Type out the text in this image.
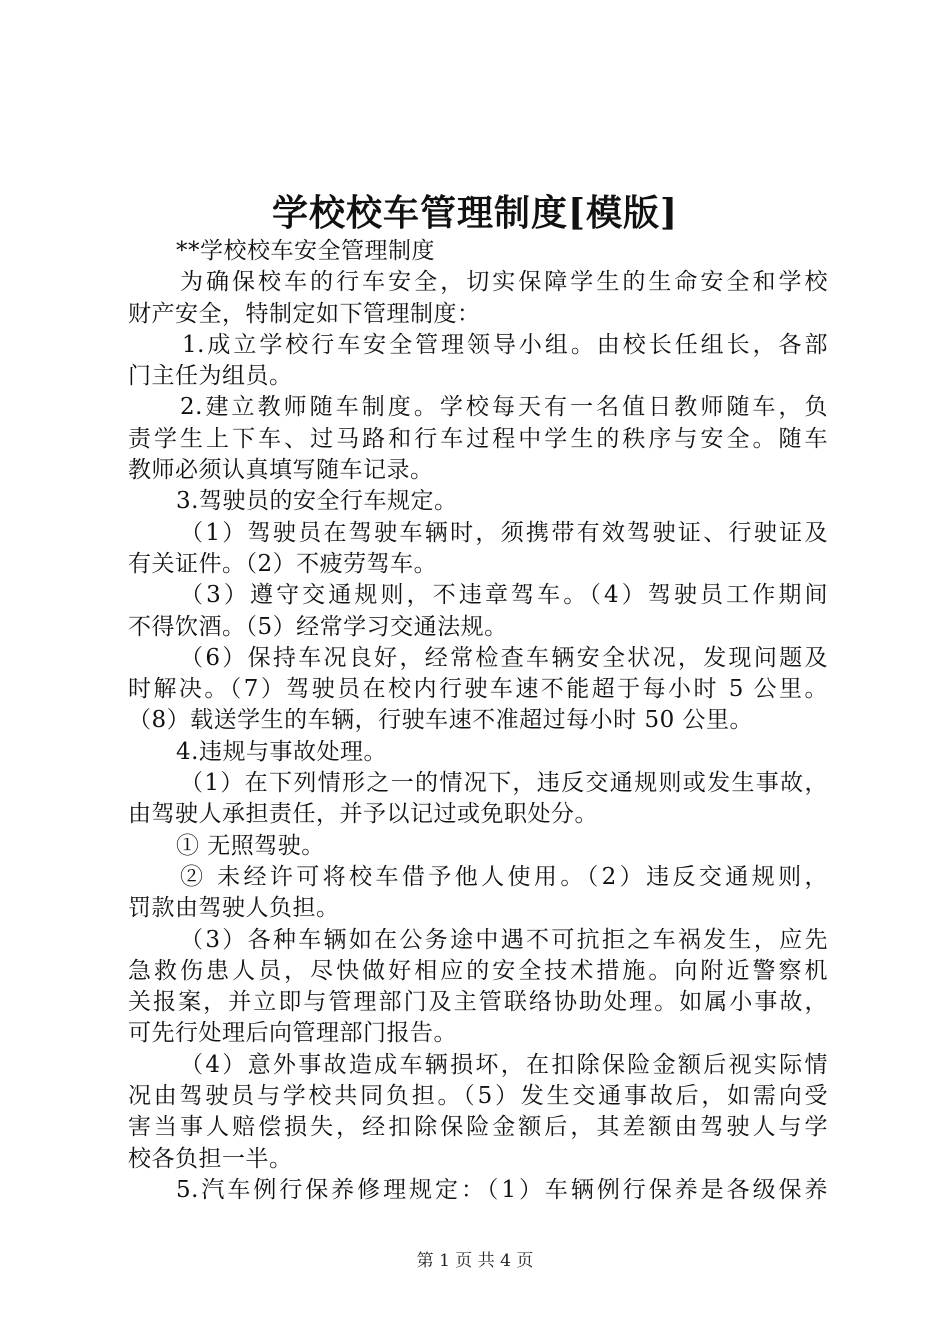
学校校车管理制度[模版]
**学校校车安全管理制度
为确保校车的行车安全，切实保障学生的生命安全和学校
财产安全，特制定如下管理制度：
1.成立学校行车安全管理领导小组。由校长任组长，各部
门主任为组员。
2.建立教师随车制度。学校每天有一名值日教师随车，负
责学生上下车、过马路和行车过程中学生的秩序与安全。随车
教师必须认真填写随车记录。
3.驾驶员的安全行车规定。
（1）驾驶员在驾驶车辆时，须携带有效驾驶证、行驶证及
有关证件。（2）不疲劳驾车。
（3）遵守交通规则，不违章驾车。（4）驾驶员工作期间
不得饮酒。（5）经常学习交通法规。
（6）保持车况良好，经常检查车辆安全状况，发现问题及
时解决。（7）驾驶员在校内行驶车速不能超于每小时 5 公里。
（8）载送学生的车辆，行驶车速不准超过每小时 50 公里。
4.违规与事故处理。
（1）在下列情形之一的情况下，违反交通规则或发生事故，
由驾驶人承担责任，并予以记过或免职处分。
① 无照驾驶。
② 未经许可将校车借予他人使用。（2）违反交通规则，
罚款由驾驶人负担。
（3）各种车辆如在公务途中遇不可抗拒之车祸发生，应先
急救伤患人员，尽快做好相应的安全技术措施。向附近警察机
关报案，并立即与管理部门及主管联络协助处理。如属小事故，
可先行处理后向管理部门报告。
（4）意外事故造成车辆损坏，在扣除保险金额后视实际情
况由驾驶员与学校共同负担。（5）发生交通事故后，如需向受
害当事人赔偿损失，经扣除保险金额后，其差额由驾驶人与学
校各负担一半。
5.汽车例行保养修理规定：（1）车辆例行保养是各级保养
第 1 页 共 4 页
